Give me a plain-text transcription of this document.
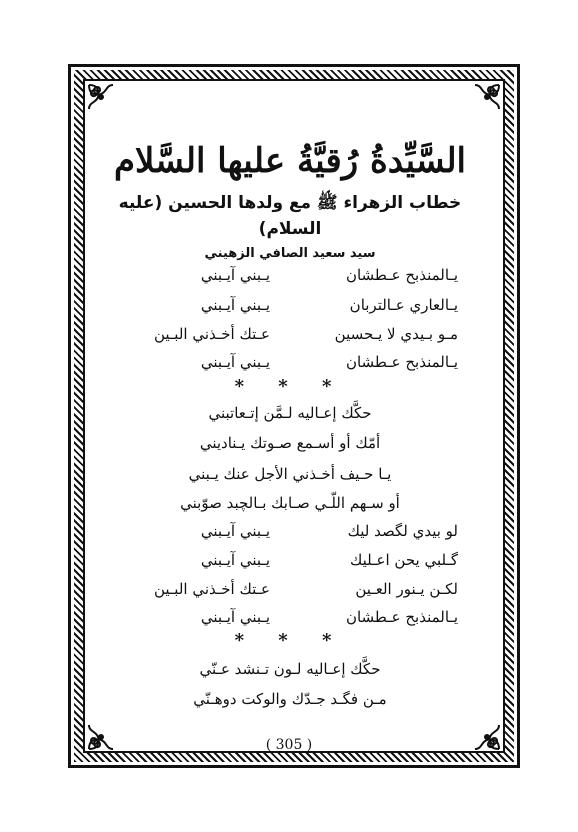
السَّيِّدةُ رُقيَّةُ عليها السَّلام
خطاب الزهراء ﷺ مع ولدها الحسين (عليه السلام)
سيد سعيد الصافي الزهيني
يـالمنذبح عـطشان
يـبني آيـبني
يـالعاري عـالتربان
يـبني آيـبني
مـو بـيدي لا يـحسين
عـتك أخـذني البـين
يـالمنذبح عـطشان
يـبني آيـبني
* * *
حكَّك إعـاليه لـمَّن إتـعاتبني
أمّك أو أسـمع صـوتك يـناديني
يـا حـيف أخـذني الأجل عنك يـبني
أو سـهم اللّـي صـابك بـالچبد صوّبني
لو بيدي لگصد ليك
يـبني آيـبني
گـلبي يحن اعـليك
يـبني آيـبني
لكـن يـنور العـين
عـتك أخـذني البـين
يـالمنذبح عـطشان
يـبني آيـبني
* * *
حكَّك إعـاليه لـون تـنشد عـنّي
مـن فگـد جـدّك والوكت دوهـنّي
( 305 )
